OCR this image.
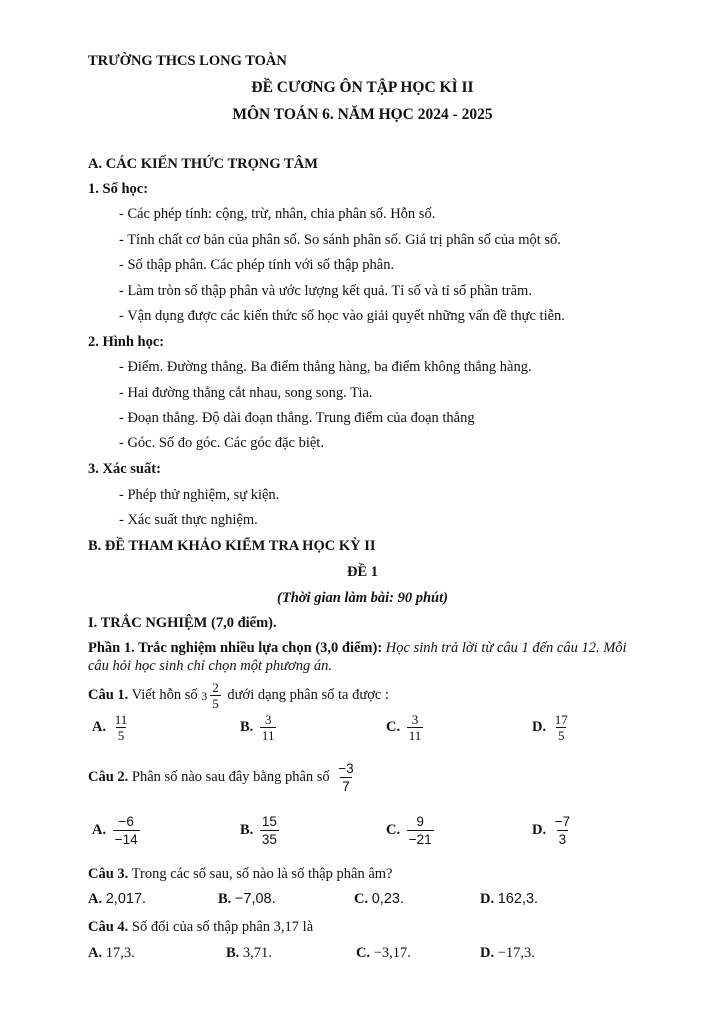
TRƯỜNG THCS LONG TOÀN
ĐỀ CƯƠNG ÔN TẬP HỌC KÌ II
MÔN TOÁN 6. NĂM HỌC 2024 - 2025
A. CÁC KIẾN THỨC TRỌNG TÂM
1. Số học:
- Các phép tính: cộng, trừ, nhân, chia phân số. Hỗn số.
- Tính chất cơ bản của phân số. So sánh phân số. Giá trị phân số của một số.
- Số thập phân. Các phép tính với số thập phân.
- Làm tròn số thập phân và ước lượng kết quả. Tỉ số và tỉ số phần trăm.
- Vận dụng được các kiến thức số học vào giải quyết những vấn đề thực tiễn.
2. Hình học:
- Điểm. Đường thẳng. Ba điểm thẳng hàng, ba điểm không thẳng hàng.
- Hai đường thẳng cắt nhau, song song. Tia.
- Đoạn thẳng. Độ dài đoạn thẳng. Trung điểm của đoạn thẳng
- Góc. Số đo góc. Các góc đặc biệt.
3. Xác suất:
- Phép thử nghiệm, sự kiện.
- Xác suất thực nghiệm.
B. ĐỀ THAM KHẢO KIỂM TRA HỌC KỲ II
ĐỀ 1
(Thời gian làm bài: 90 phút)
I. TRẮC NGHIỆM (7,0 điểm).
Phần 1. Trắc nghiệm nhiều lựa chọn (3,0 điểm): Học sinh trả lời từ câu 1 đến câu 12. Mỗi
câu hỏi học sinh chỉ chọn một phương án.
Câu 1. Viết hỗn số $3 \frac{2}{5}$ dưới dạng phân số ta được :
A. $\frac{11}{5}$	B. $\frac{3}{11}$	C. $\frac{3}{11}$	D. $\frac{17}{5}$
Câu 2. Phân số nào sau đây bằng phân số $\frac{-3}{7}$
A. $\frac{-6}{-14}$	B. $\frac{15}{35}$	C. $\frac{9}{-21}$	D. $\frac{-7}{3}$
Câu 3. Trong các số sau, số nào là số thập phân âm?
A. 2,017.	B. −7,08.	C. 0,23.	D. 162,3.
Câu 4. Số đối của số thập phân 3,17 là
A. 17,3.	B. 3,71.	C. −3,17.	D. −17,3.
